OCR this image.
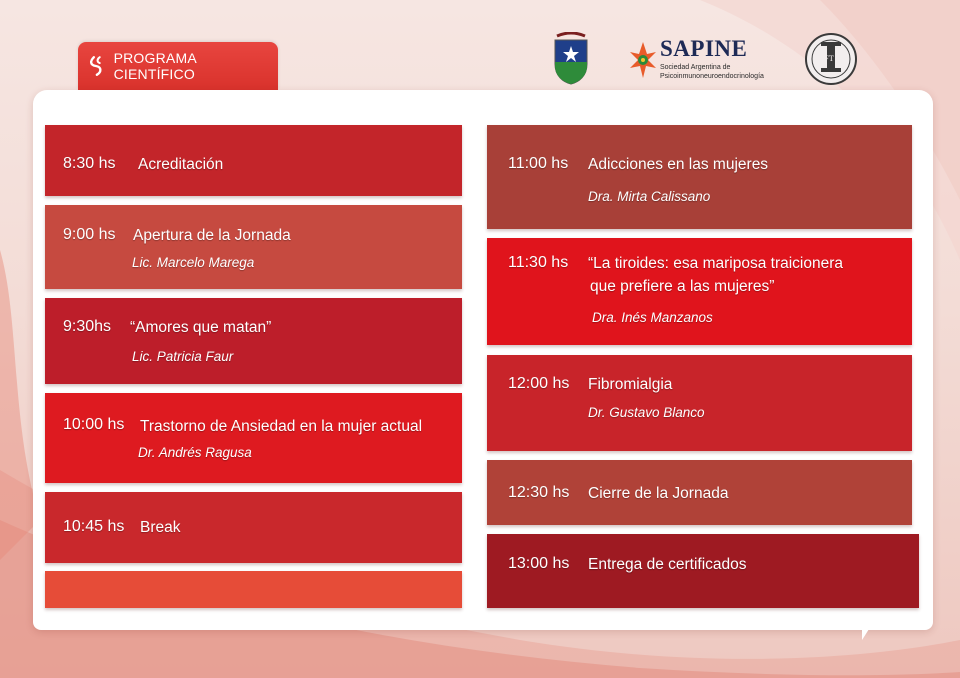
PROGRAMA CIENTÍFICO
SAPINE
Sociedad Argentina de
Psicoinmunoneuroendocrinología
SFT
8:30 hs Acreditación
9:00 hs Apertura de la Jornada
Lic. Marcelo Marega
9:30hs “Amores que matan”
Lic. Patricia Faur
10:00 hs Trastorno de Ansiedad en la mujer actual
Dr. Andrés Ragusa
10:45 hs Break
11:00 hs Adicciones en las mujeres
Dra. Mirta Calissano
11:30 hs “La tiroides: esa mariposa traicionera
que prefiere a las mujeres”
Dra. Inés Manzanos
12:00 hs Fibromialgia
Dr. Gustavo Blanco
12:30 hs Cierre de la Jornada
13:00 hs Entrega de certificados
